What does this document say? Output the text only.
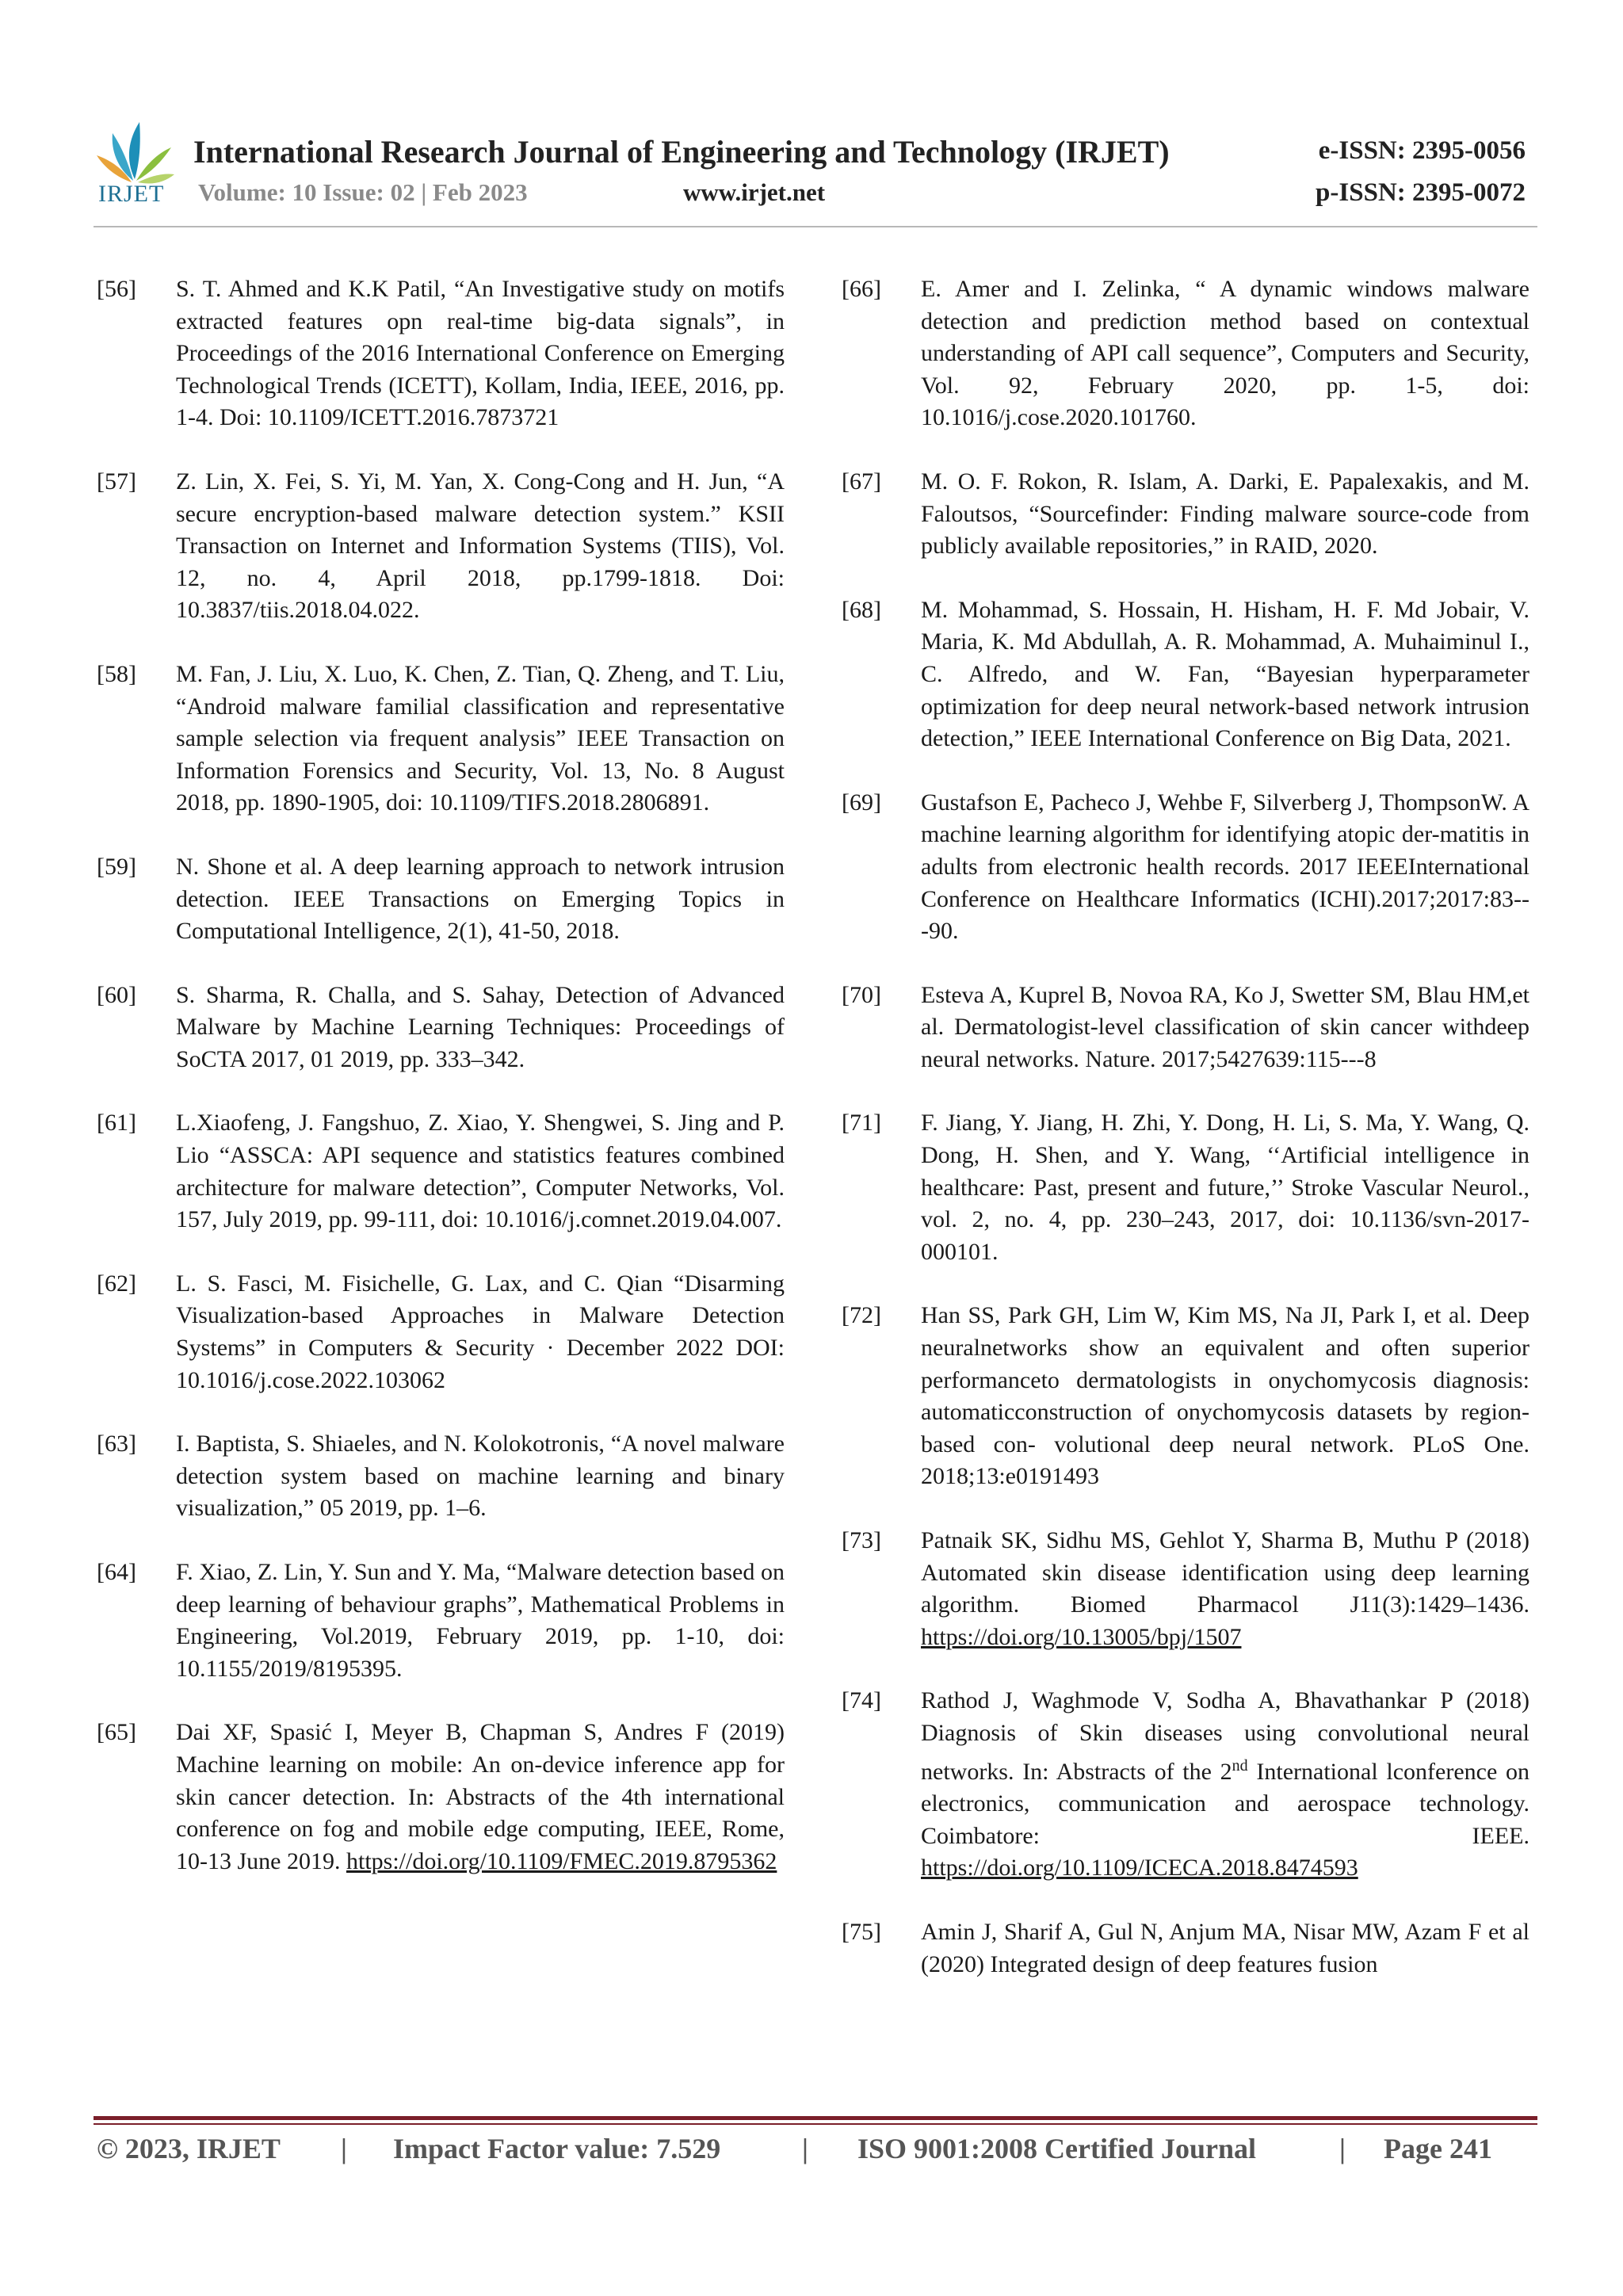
IRJET
International Research Journal of Engineering and Technology (IRJET)	e-ISSN: 2395-0056
Volume: 10 Issue: 02 | Feb 2023	www.irjet.net	p-ISSN: 2395-0072
[56]	S. T. Ahmed and K.K Patil, “An Investigative study on motifs extracted features opn real-time big-data signals”, in Proceedings of the 2016 International Conference on Emerging Technological Trends (ICETT), Kollam, India, IEEE, 2016, pp. 1-4. Doi: 10.1109/ICETT.2016.7873721
[57]	Z. Lin, X. Fei, S. Yi, M. Yan, X. Cong-Cong and H. Jun, “A secure encryption-based malware detection system.” KSII Transaction on Internet and Information Systems (TIIS), Vol. 12, no. 4, April 2018, pp.1799-1818. Doi: 10.3837/tiis.2018.04.022.
[58]	M. Fan, J. Liu, X. Luo, K. Chen, Z. Tian, Q. Zheng, and T. Liu, “Android malware familial classification and representative sample selection via frequent analysis” IEEE Transaction on Information Forensics and Security, Vol. 13, No. 8 August 2018, pp. 1890-1905, doi: 10.1109/TIFS.2018.2806891.
[59]	N. Shone et al. A deep learning approach to network intrusion detection. IEEE Transactions on Emerging Topics in Computational Intelligence, 2(1), 41-50, 2018.
[60]	S. Sharma, R. Challa, and S. Sahay, Detection of Advanced Malware by Machine Learning Techniques: Proceedings of SoCTA 2017, 01 2019, pp. 333–342.
[61]	L.Xiaofeng, J. Fangshuo, Z. Xiao, Y. Shengwei, S. Jing and P. Lio “ASSCA: API sequence and statistics features combined architecture for malware detection”, Computer Networks, Vol. 157, July 2019, pp. 99-111, doi: 10.1016/j.comnet.2019.04.007.
[62]	L. S. Fasci, M. Fisichelle, G. Lax, and C. Qian “Disarming Visualization-based Approaches in Malware Detection Systems” in Computers & Security · December 2022 DOI: 10.1016/j.cose.2022.103062
[63]	I. Baptista, S. Shiaeles, and N. Kolokotronis, “A novel malware detection system based on machine learning and binary visualization,” 05 2019, pp. 1–6.
[64]	F. Xiao, Z. Lin, Y. Sun and Y. Ma, “Malware detection based on deep learning of behaviour graphs”, Mathematical Problems in Engineering, Vol.2019, February 2019, pp. 1-10, doi: 10.1155/2019/8195395.
[65]	Dai XF, Spasić I, Meyer B, Chapman S, Andres F (2019) Machine learning on mobile: An on-device inference app for skin cancer detection. In: Abstracts of the 4th international conference on fog and mobile edge computing, IEEE, Rome, 10-13 June 2019. https://doi.org/10.1109/FMEC.2019.8795362
[66]	E. Amer and I. Zelinka, “ A dynamic windows malware detection and prediction method based on contextual understanding of API call sequence”, Computers and Security, Vol. 92, February 2020, pp. 1-5, doi: 10.1016/j.cose.2020.101760.
[67]	M. O. F. Rokon, R. Islam, A. Darki, E. Papalexakis, and M. Faloutsos, “Sourcefinder: Finding malware source-code from publicly available repositories,” in RAID, 2020.
[68]	M. Mohammad, S. Hossain, H. Hisham, H. F. Md Jobair, V. Maria, K. Md Abdullah, A. R. Mohammad, A. Muhaiminul I., C. Alfredo, and W. Fan, “Bayesian hyperparameter optimization for deep neural network-based network intrusion detection,” IEEE International Conference on Big Data, 2021.
[69]	Gustafson E, Pacheco J, Wehbe F, Silverberg J, ThompsonW. A machine learning algorithm for identifying atopic der-matitis in adults from electronic health records. 2017 IEEEInternational Conference on Healthcare Informatics (ICHI).2017;2017:83---90.
[70]	Esteva A, Kuprel B, Novoa RA, Ko J, Swetter SM, Blau HM,et al. Dermatologist-level classification of skin cancer withdeep neural networks. Nature. 2017;5427639:115---8
[71]	F. Jiang, Y. Jiang, H. Zhi, Y. Dong, H. Li, S. Ma, Y. Wang, Q. Dong, H. Shen, and Y. Wang, ‘‘Artificial intelligence in healthcare: Past, present and future,’’ Stroke Vascular Neurol., vol. 2, no. 4, pp. 230–243, 2017, doi: 10.1136/svn-2017-000101.
[72]	Han SS, Park GH, Lim W, Kim MS, Na JI, Park I, et al. Deep neuralnetworks show an equivalent and often superior performanceto dermatologists in onychomycosis diagnosis: automaticconstruction of onychomycosis datasets by region-based con- volutional deep neural network. PLoS One. 2018;13:e0191493
[73]	Patnaik SK, Sidhu MS, Gehlot Y, Sharma B, Muthu P (2018) Automated skin disease identification using deep learning algorithm. Biomed Pharmacol J11(3):1429–1436. https://doi.org/10.13005/bpj/1507
[74]	Rathod J, Waghmode V, Sodha A, Bhavathankar P (2018) Diagnosis of Skin diseases using convolutional neural networks. In: Abstracts of the 2nd International lconference on electronics, communication and aerospace technology. Coimbatore: IEEE. https://doi.org/10.1109/ICECA.2018.8474593
[75]	Amin J, Sharif A, Gul N, Anjum MA, Nisar MW, Azam F et al (2020) Integrated design of deep features fusion
© 2023, IRJET | Impact Factor value: 7.529	| ISO 9001:2008 Certified Journal	| Page 241
